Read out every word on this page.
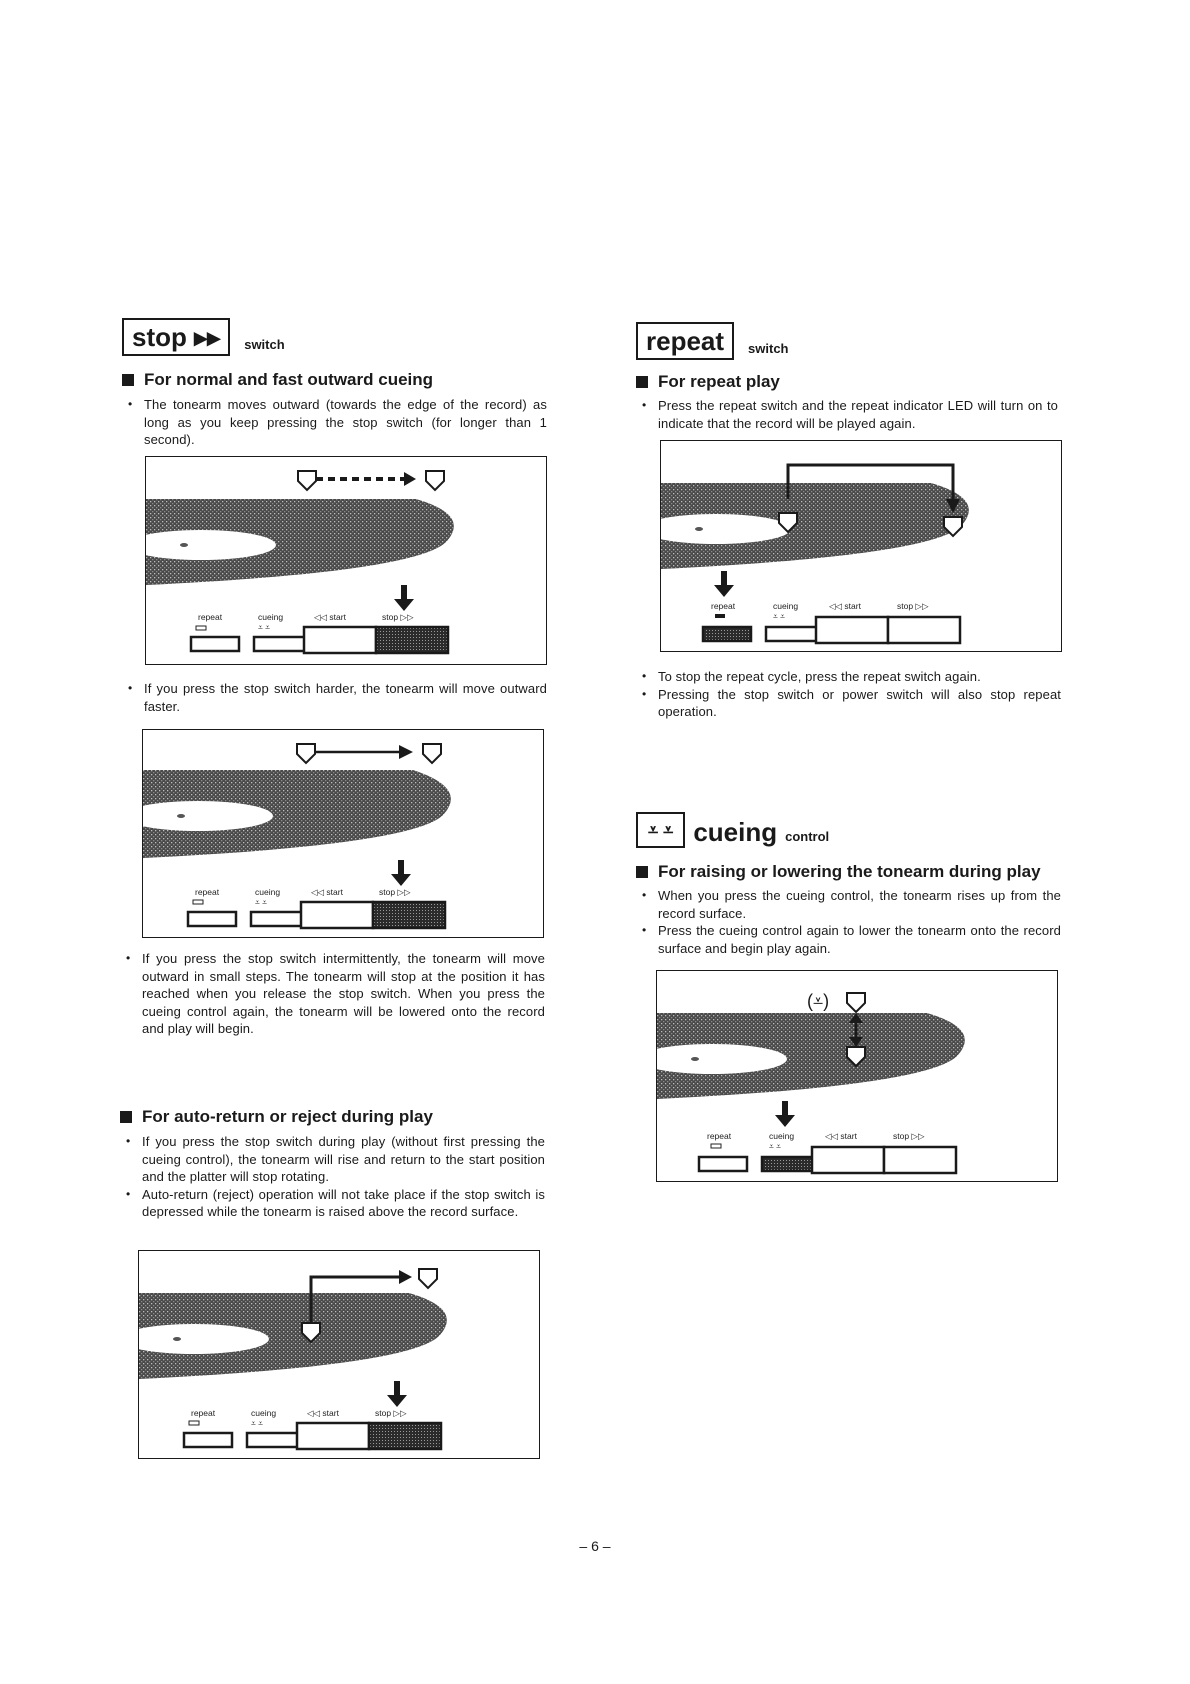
stop ▸▸	switch
For normal and fast outward cueing
• The tonearm moves outward (towards the edge of the record) as long as you keep pressing the stop switch (for longer than 1 second).
repeat	cueing	◁◁ start	stop ▷▷
⩡ ⩡
• If you press the stop switch harder, the tonearm will move outward faster.
repeat	cueing	◁◁ start	stop ▷▷
⩡ ⩡
• If you press the stop switch intermittently, the tonearm will move outward in small steps. The tonearm will stop at the position it has reached when you release the stop switch. When you press the cueing control again, the tonearm will be lowered onto the record and play will begin.
For auto-return or reject during play
• If you press the stop switch during play (without first pressing the cueing control), the tonearm will rise and return to the start position and the platter will stop rotating.
• Auto-return (reject) operation will not take place if the stop switch is depressed while the tonearm is raised above the record surface.
repeat	cueing	◁◁ start	stop ▷▷
⩡ ⩡
repeat	switch
For repeat play
• Press the repeat switch and the repeat indicator LED will turn on to indicate that the record will be played again.
repeat	cueing	◁◁ start	stop ▷▷
⩡ ⩡
• To stop the repeat cycle, press the repeat switch again.
• Pressing the stop switch or power switch will also stop repeat operation.
⩡ ⩡ cueing control
For raising or lowering the tonearm during play
• When you press the cueing control, the tonearm rises up from the record surface.
• Press the cueing control again to lower the tonearm onto the record surface and begin play again.
(⩡)
repeat	cueing	◁◁ start	stop ▷▷
⩡ ⩡
– 6 –
